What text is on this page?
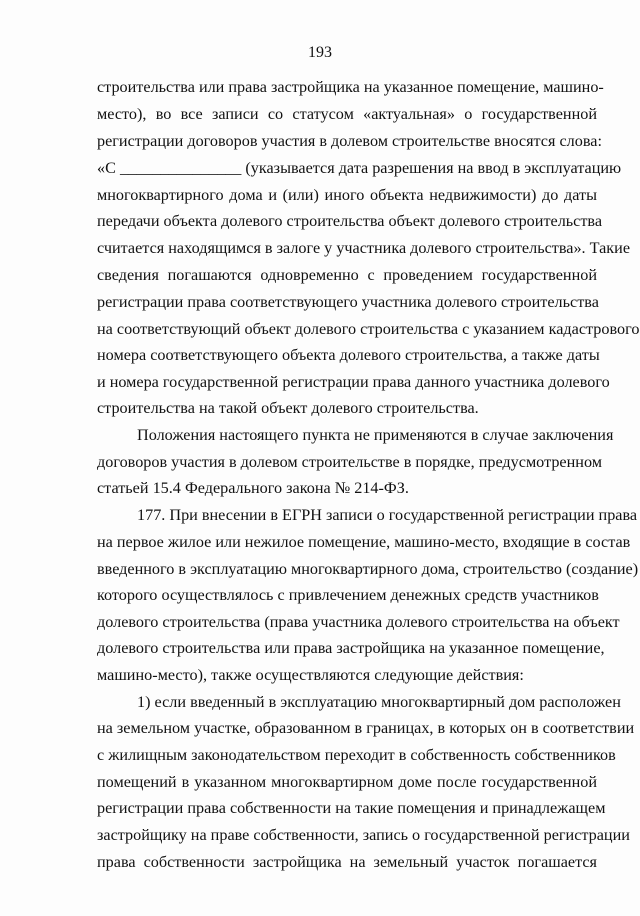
193
строительства или права застройщика на указанное помещение, машино-
место), во все записи со статусом «актуальная» о государственной
регистрации договоров участия в долевом строительстве вносятся слова:
«С _______________ (указывается дата разрешения на ввод в эксплуатацию
многоквартирного дома и (или) иного объекта недвижимости) до даты
передачи объекта долевого строительства объект долевого строительства
считается находящимся в залоге у участника долевого строительства». Такие
сведения погашаются одновременно с проведением государственной
регистрации права соответствующего участника долевого строительства
на соответствующий объект долевого строительства с указанием кадастрового
номера соответствующего объекта долевого строительства, а также даты
и номера государственной регистрации права данного участника долевого
строительства на такой объект долевого строительства.
Положения настоящего пункта не применяются в случае заключения
договоров участия в долевом строительстве в порядке, предусмотренном
статьей 15.4 Федерального закона № 214-ФЗ.
177. При внесении в ЕГРН записи о государственной регистрации права
на первое жилое или нежилое помещение, машино-место, входящие в состав
введенного в эксплуатацию многоквартирного дома, строительство (создание)
которого осуществлялось с привлечением денежных средств участников
долевого строительства (права участника долевого строительства на объект
долевого строительства или права застройщика на указанное помещение,
машино-место), также осуществляются следующие действия:
1) если введенный в эксплуатацию многоквартирный дом расположен
на земельном участке, образованном в границах, в которых он в соответствии
с жилищным законодательством переходит в собственность собственников
помещений в указанном многоквартирном доме после государственной
регистрации права собственности на такие помещения и принадлежащем
застройщику на праве собственности, запись о государственной регистрации
права собственности застройщика на земельный участок погашается
